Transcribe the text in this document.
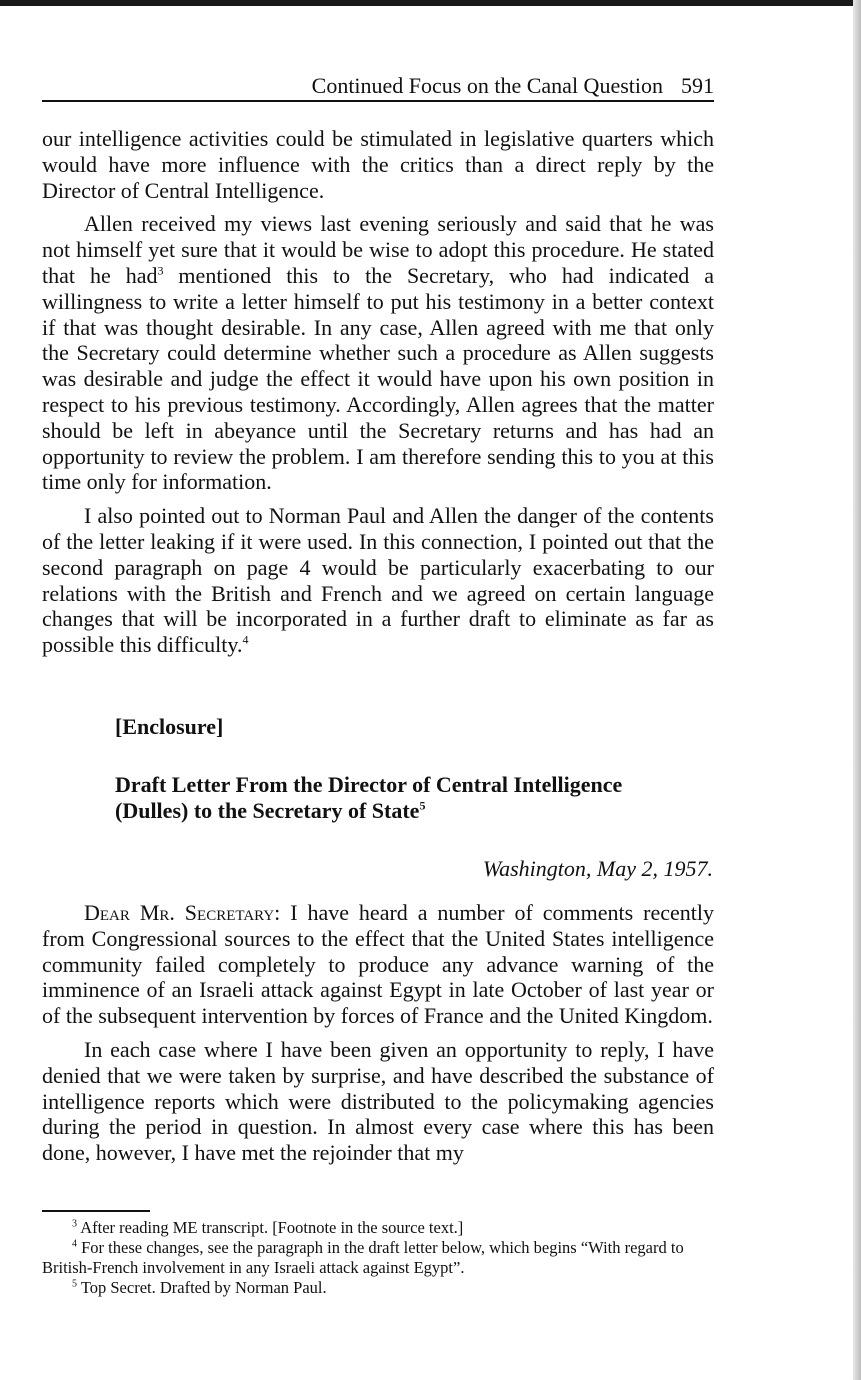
Continued Focus on the Canal Question 591

our intelligence activities could be stimulated in legislative quarters which would have more influence with the critics than a direct reply by the Director of Central Intelligence.

Allen received my views last evening seriously and said that he was not himself yet sure that it would be wise to adopt this procedure. He stated that he had$^3$ mentioned this to the Secretary, who had indicated a willingness to write a letter himself to put his testimony in a better context if that was thought desirable. In any case, Allen agreed with me that only the Secretary could determine whether such a procedure as Allen suggests was desirable and judge the effect it would have upon his own position in respect to his previous testimony. Accordingly, Allen agrees that the matter should be left in abeyance until the Secretary returns and has had an opportunity to review the problem. I am therefore sending this to you at this time only for information.

I also pointed out to Norman Paul and Allen the danger of the contents of the letter leaking if it were used. In this connection, I pointed out that the second paragraph on page 4 would be particularly exacerbating to our relations with the British and French and we agreed on certain language changes that will be incorporated in a further draft to eliminate as far as possible this difficulty.$^4$

[Enclosure]
Draft Letter From the Director of Central Intelligence (Dulles) to the Secretary of State$^5$
Washington, May 2, 1957.

Dear Mr. Secretary: I have heard a number of comments recently from Congressional sources to the effect that the United States intelligence community failed completely to produce any advance warning of the imminence of an Israeli attack against Egypt in late October of last year or of the subsequent intervention by forces of France and the United Kingdom.

In each case where I have been given an opportunity to reply, I have denied that we were taken by surprise, and have described the substance of intelligence reports which were distributed to the policymaking agencies during the period in question. In almost every case where this has been done, however, I have met the rejoinder that my

$^3$ After reading ME transcript. [Footnote in the source text.]

$^4$ For these changes, see the paragraph in the draft letter below, which begins “With regard to British-French involvement in any Israeli attack against Egypt”.

$^5$ Top Secret. Drafted by Norman Paul.
